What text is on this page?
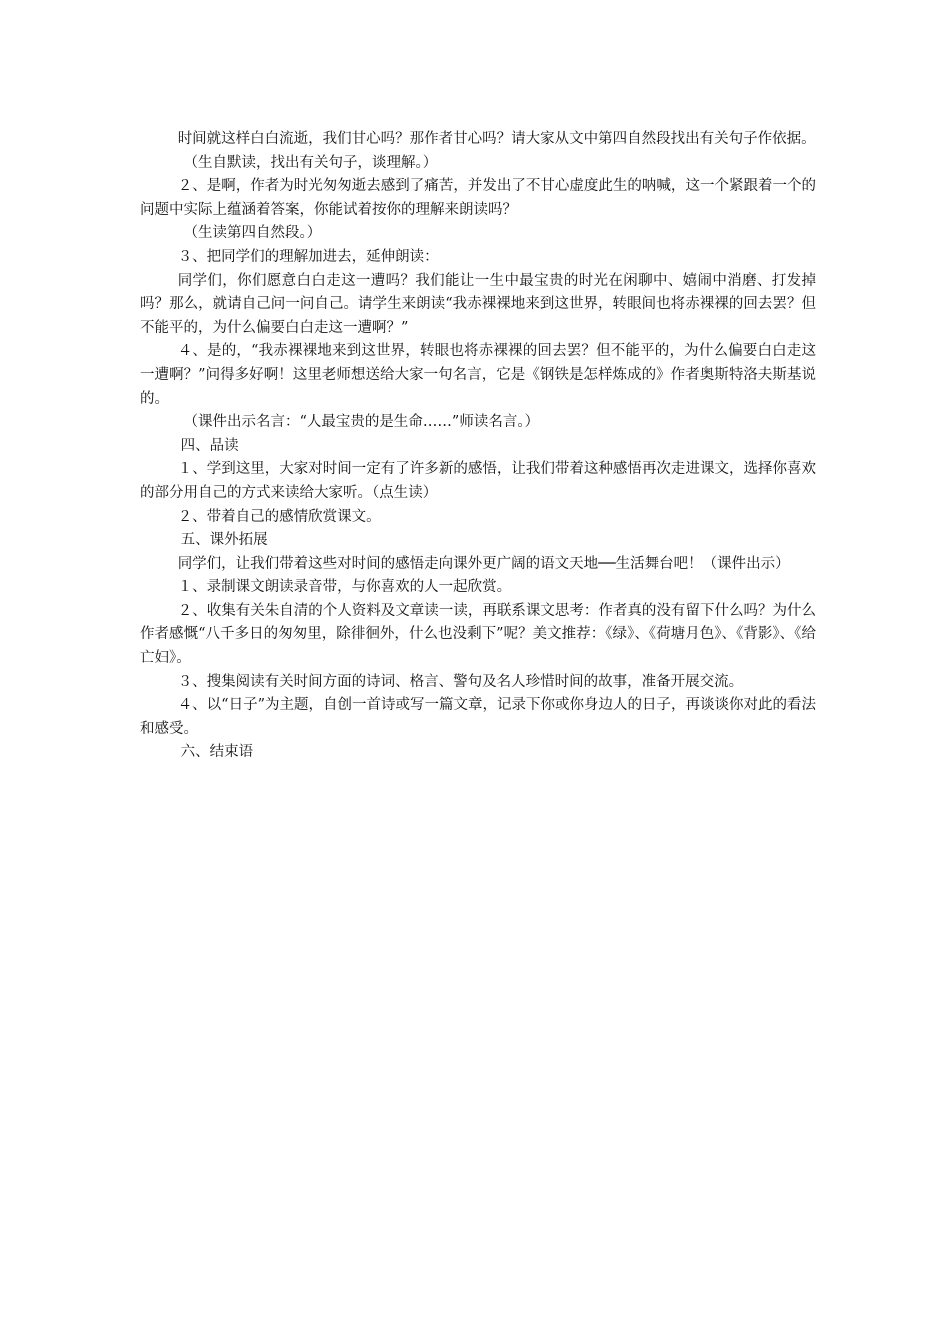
时间就这样白白流逝，我们甘心吗？那作者甘心吗？请大家从文中第四自然段找出有关句子作依据。

（生自默读，找出有关句子，谈理解。）

２、是啊，作者为时光匆匆逝去感到了痛苦，并发出了不甘心虚度此生的呐喊，这一个紧跟着一个的问题中实际上蕴涵着答案，你能试着按你的理解来朗读吗？

（生读第四自然段。）

３、把同学们的理解加进去，延伸朗读：

同学们，你们愿意白白走这一遭吗？我们能让一生中最宝贵的时光在闲聊中、嬉闹中消磨、打发掉吗？那么，就请自己问一问自己。请学生来朗读“我赤裸裸地来到这世界，转眼间也将赤裸裸的回去罢？但不能平的，为什么偏要白白走这一遭啊？”

４、是的，“我赤裸裸地来到这世界，转眼也将赤裸裸的回去罢？但不能平的，为什么偏要白白走这一遭啊？”问得多好啊！这里老师想送给大家一句名言，它是《钢铁是怎样炼成的》作者奥斯特洛夫斯基说的。

（课件出示名言：“人最宝贵的是生命……”师读名言。）

四、品读

１、学到这里，大家对时间一定有了许多新的感悟，让我们带着这种感悟再次走进课文，选择你喜欢的部分用自己的方式来读给大家听。（点生读）

２、带着自己的感情欣赏课文。

五、课外拓展

同学们，让我们带着这些对时间的感悟走向课外更广阔的语文天地──生活舞台吧！（课件出示）

１、录制课文朗读录音带，与你喜欢的人一起欣赏。

２、收集有关朱自清的个人资料及文章读一读，再联系课文思考：作者真的没有留下什么吗？为什么作者感慨“八千多日的匆匆里，除徘徊外，什么也没剩下”呢？美文推荐：《绿》、《荷塘月色》、《背影》、《给亡妇》。

３、搜集阅读有关时间方面的诗词、格言、警句及名人珍惜时间的故事，准备开展交流。

４、以“日子”为主题，自创一首诗或写一篇文章，记录下你或你身边人的日子，再谈谈你对此的看法和感受。

六、结束语
